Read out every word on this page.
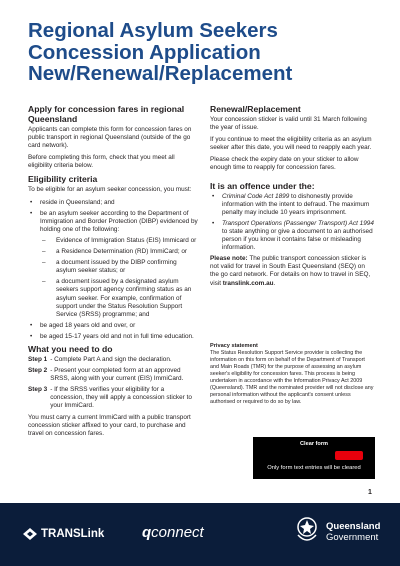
Regional Asylum Seekers
Concession Application
New/Renewal/Replacement
Apply for concession fares in regional Queensland
Applicants can complete this form for concession fares on public transport in regional Queensland (outside of the go card network).
Before completing this form, check that you meet all eligibility criteria below.
Eligibility criteria
To be eligible for an asylum seeker concession, you must:
• reside in Queensland; and
• be an asylum seeker according to the Department of Immigration and Border Protection (DIBP) evidenced by holding one of the following:
– Evidence of Immigration Status (EIS) Immicard or
– a Residence Determination (RD) ImmiCard; or
– a document issued by the DIBP confirming asylum seeker status; or
– a document issued by a designated asylum seekers support agency confirming status as an asylum seeker. For example, confirmation of support under the Status Resolution Support Service (SRSS) programme; and
• be aged 18 years old and over, or
• be aged 15-17 years old and not in full time education.
What you need to do
Step 1 - Complete Part A and sign the declaration.
Step 2 - Present your completed form at an approved SRSS, along with your current (EIS) ImmiCard.
Step 3 - If the SRSS verifies your eligibility for a concession, they will apply a concession sticker to your ImmiCard.
You must carry a current ImmiCard with a public transport concession sticker affixed to your card, to purchase and travel on concession fares.
Renewal/Replacement
Your concession sticker is valid until 31 March following the year of issue.
If you continue to meet the eligibility criteria as an asylum seeker after this date, you will need to reapply each year.
Please check the expiry date on your sticker to allow enough time to reapply for concession fares.
It is an offence under the:
• Criminal Code Act 1899 to dishonestly provide information with the intent to defraud. The maximum penalty may include 10 years imprisonment.
• Transport Operations (Passenger Transport) Act 1994 to state anything or give a document to an authorised person if you know it contains false or misleading information.
Please note: The public transport concession sticker is not valid for travel in South East Queensland (SEQ) on the go card network. For details on how to travel in SEQ, visit translink.com.au.
Privacy statement
The Status Resolution Support Service provider is collecting the information on this form on behalf of the Department of Transport and Main Roads (TMR) for the purpose of assessing an asylum seeker's eligibility for concession fares. This process is being undertaken in accordance with the Information Privacy Act 2009 (Queensland). TMR and the nominated provider will not disclose any personal information without the applicant's consent unless authorised or required to do so by law.
Clear form
Only form text entries will be cleared
1
TRANSLink	qconnect	Queensland
Government
